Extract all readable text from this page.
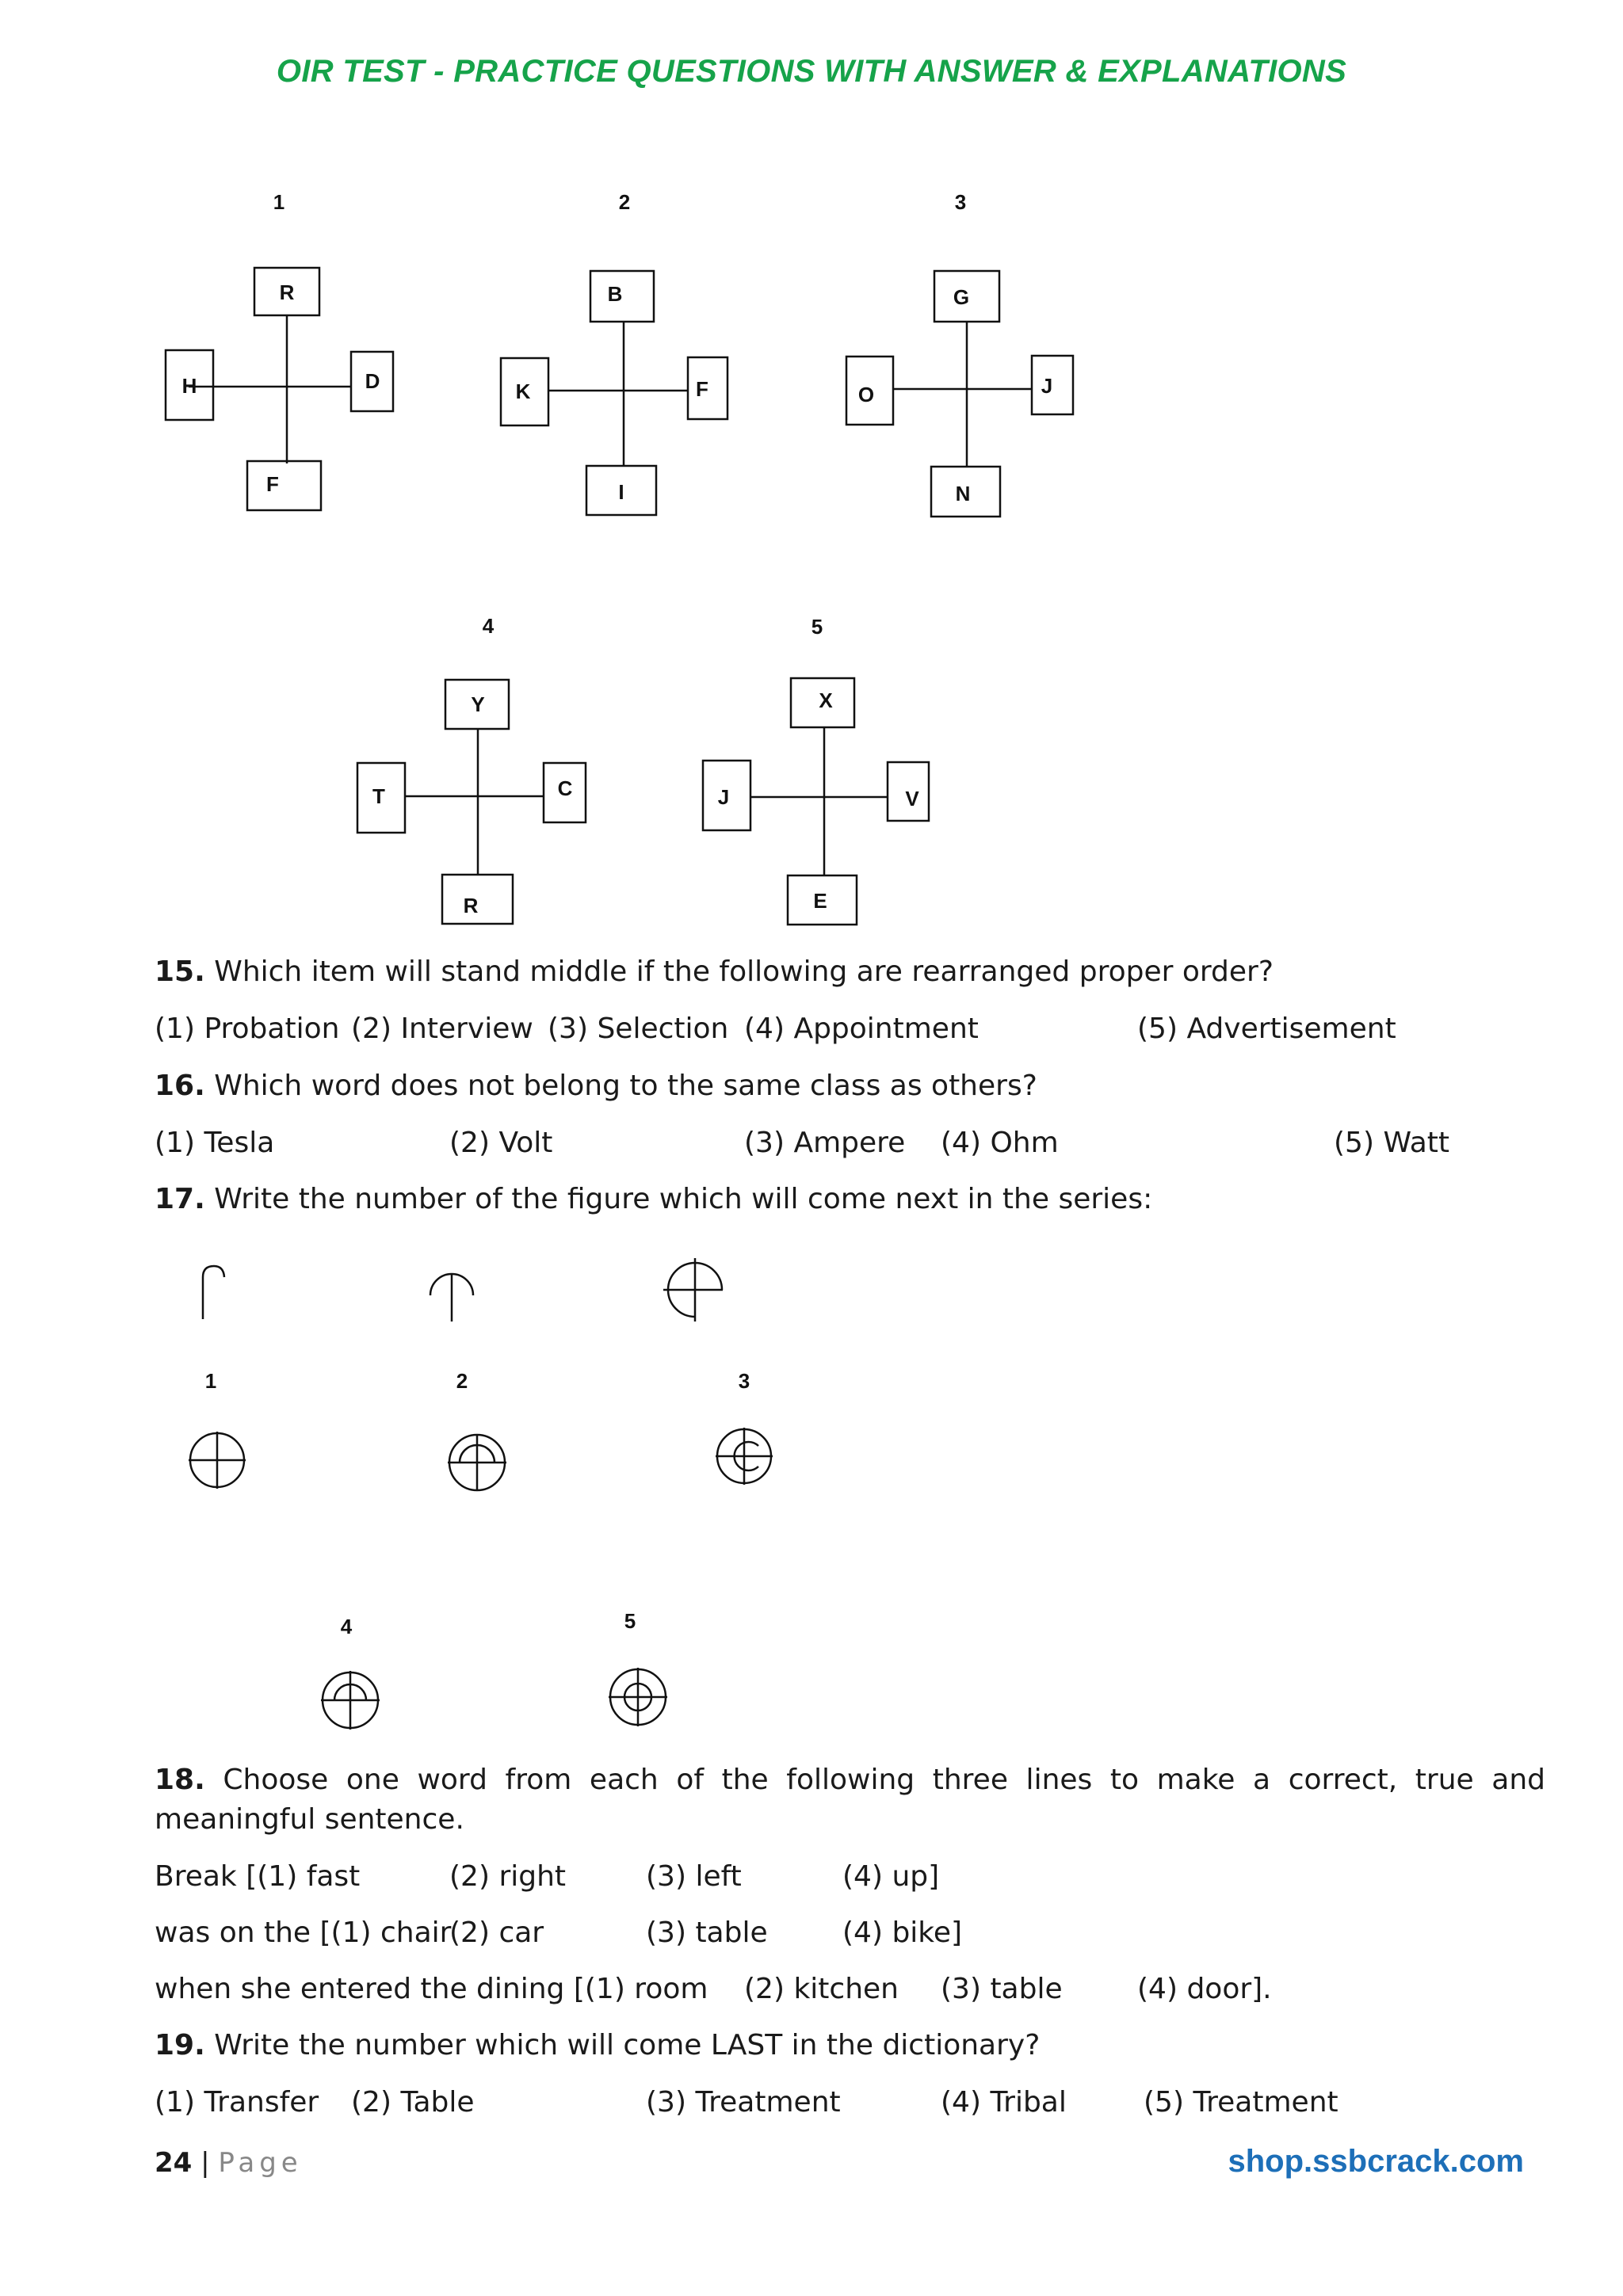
OIR TEST - PRACTICE QUESTIONS WITH ANSWER & EXPLANATIONS
1
R
H	D
F
2
B
K	F
I
3
G
O	J
N
4
Y
T	C
R
5
X
J	V
E
1	2	3
4	5
15. Which item will stand middle if the following are rearranged proper order?
(1) Probation (2) Interview (3) Selection (4) Appointment	(5) Advertisement
16. Which word does not belong to the same class as others?
(1) Tesla	(2) Volt	(3) Ampere (4) Ohm	(5) Watt
17. Write the number of the figure which will come next in the series:
18. Choose one word from each of the following three lines to make a correct, true and meaningful sentence.
Break [(1) fast	(2) right	(3) left	(4) up]
was on the [(1) chair
(2) car	(3) table	(4) bike]
when she entered the dining [(1) room (2) kitchen (3) table	(4) door].
19. Write the number which will come LAST in the dictionary?
(1) Transfer (2) Table	(3) Treatment	(4) Tribal	(5) Treatment
24 | Page	shop.ssbcrack.com
